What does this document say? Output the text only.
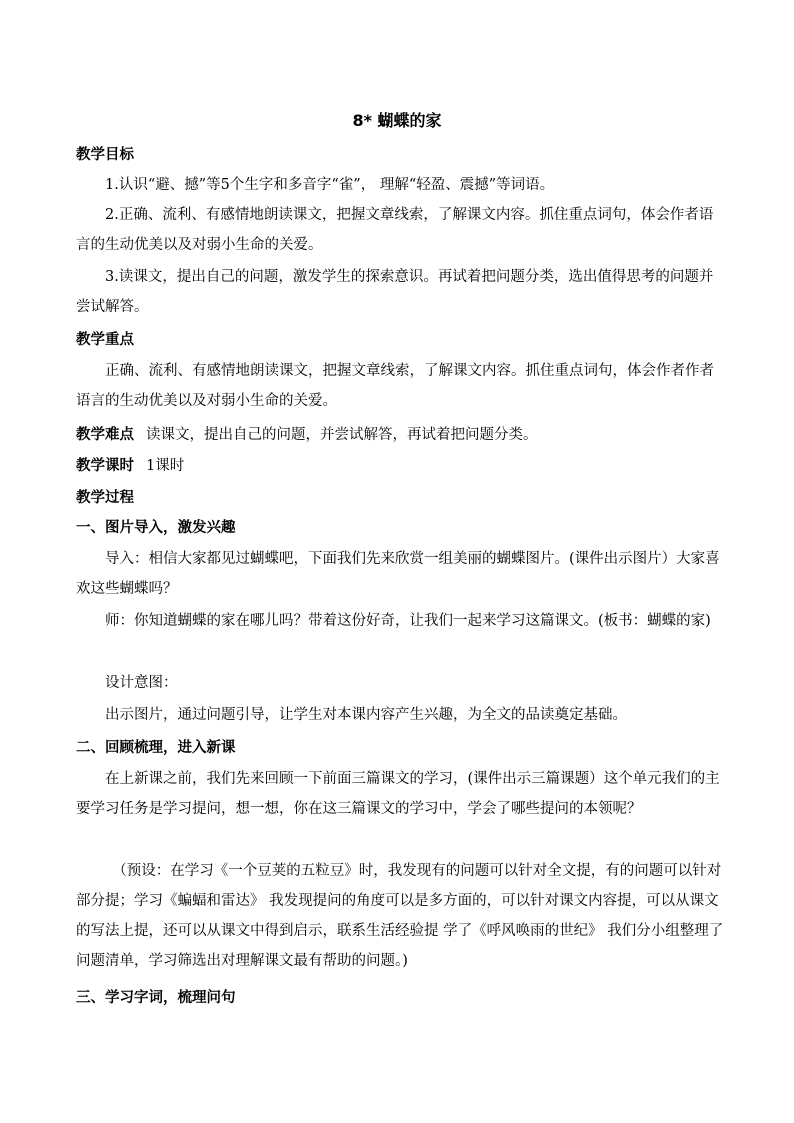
8* 蝴蝶的家
教学目标
1.认识“避、撼”等5个生字和多音字“雀”， 理解“轻盈、震撼”等词语。
2.正确、流利、有感情地朗读课文，把握文章线索，了解课文内容。抓住重点词句，体会作者语言的生动优美以及对弱小生命的关爱。
3.读课文，提出自己的问题，激发学生的探索意识。再试着把问题分类，选出值得思考的问题并尝试解答。
教学重点
正确、流利、有感情地朗读课文，把握文章线索，了解课文内容。抓住重点词句，体会作者作者语言的生动优美以及对弱小生命的关爱。
教学难点 读课文，提出自己的问题，并尝试解答，再试着把问题分类。
教学课时 1课时
教学过程
一、图片导入，激发兴趣
导入：相信大家都见过蝴蝶吧，下面我们先来欣赏一组美丽的蝴蝶图片。(课件出示图片）大家喜欢这些蝴蝶吗？
师：你知道蝴蝶的家在哪儿吗？带着这份好奇，让我们一起来学习这篇课文。(板书：蝴蝶的家)
设计意图：
出示图片，通过问题引导，让学生对本课内容产生兴趣，为全文的品读奠定基础。
二、回顾梳理，进入新课
在上新课之前，我们先来回顾一下前面三篇课文的学习，(课件出示三篇课题）这个单元我们的主要学习任务是学习提问，想一想，你在这三篇课文的学习中，学会了哪些提问的本领呢？
（预设：在学习《一个豆荚的五粒豆》时，我发现有的问题可以针对全文提，有的问题可以针对部分提；学习《蝙蝠和雷达》 我发现提问的角度可以是多方面的，可以针对课文内容提，可以从课文的写法上提，还可以从课文中得到启示，联系生活经验提 学了《呼风唤雨的世纪》 我们分小组整理了问题清单，学习筛选出对理解课文最有帮助的问题。)
三、学习字词，梳理问句
